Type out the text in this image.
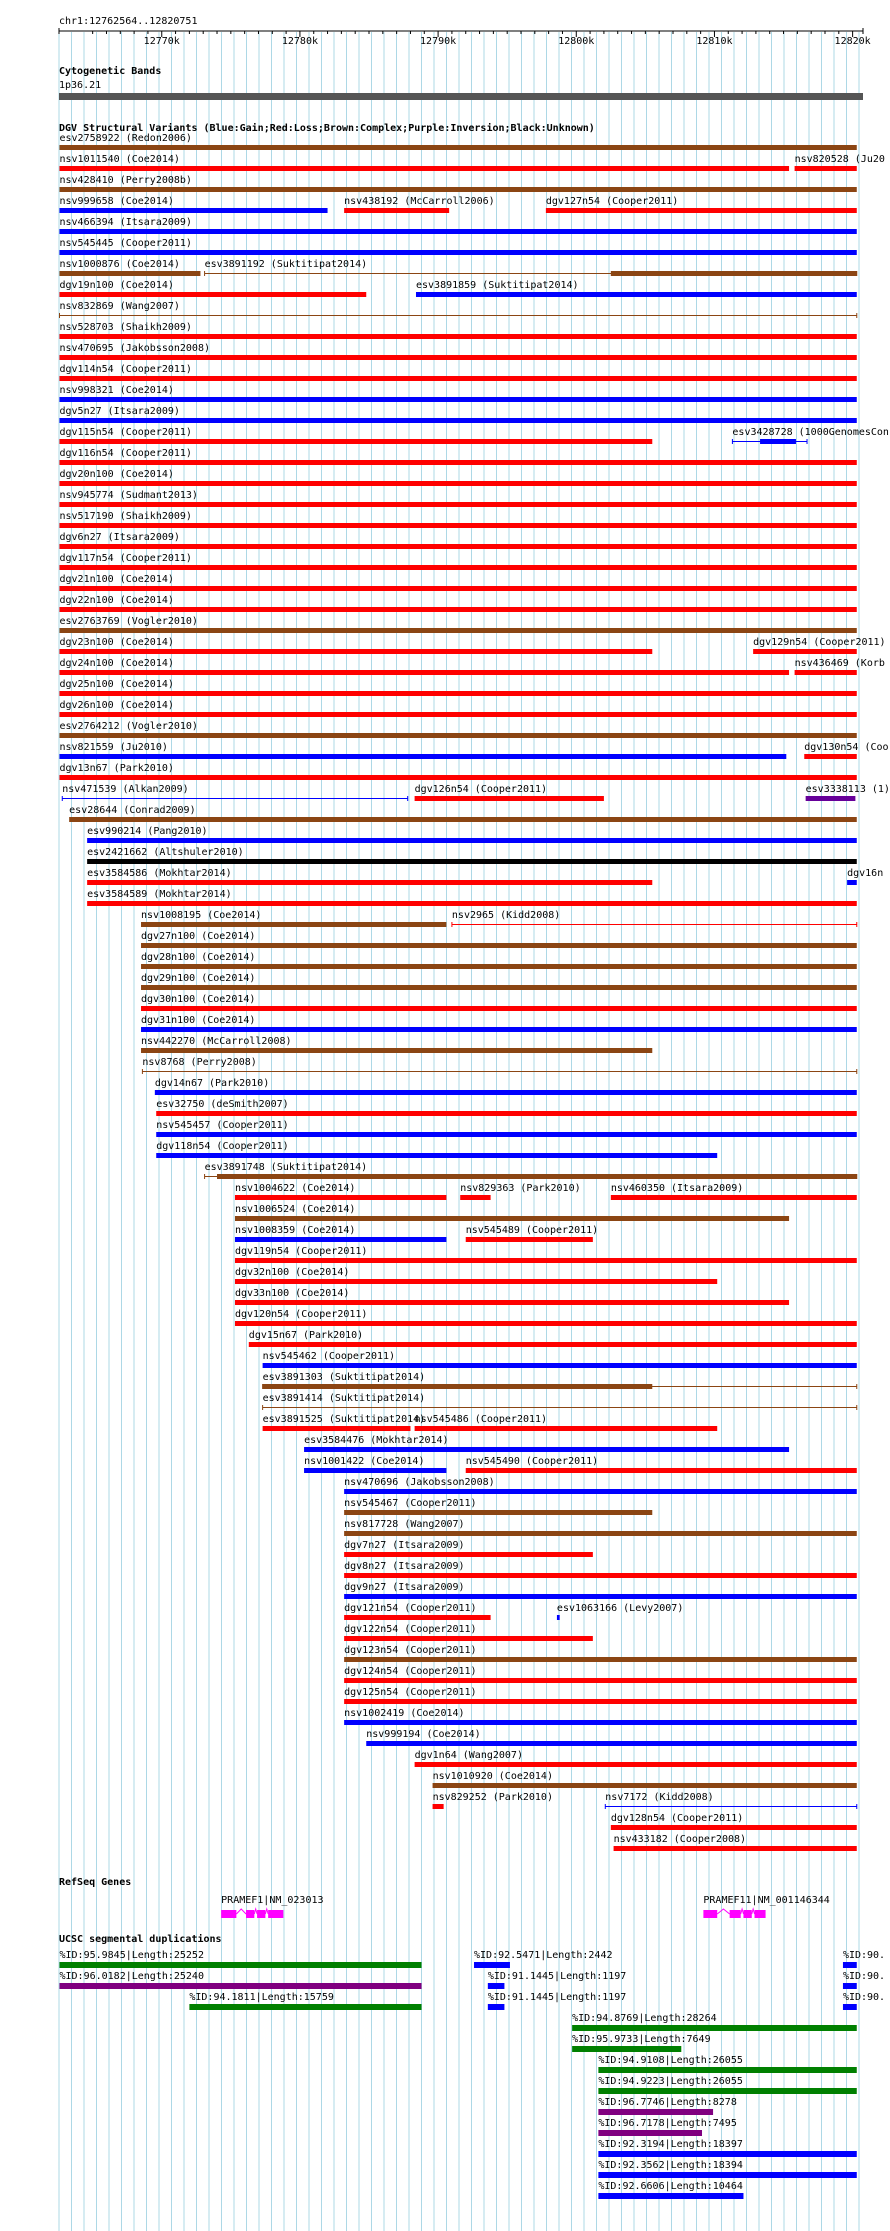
chr1:12762564..12820751
12770k	12780k	12790k	12800k	12810k	12820k
Cytogenetic Bands
1p36.21
DGV Structural Variants (Blue:Gain;Red:Loss;Brown:Complex;Purple:Inversion;Black:Unknown)
esv2758922 (Redon2006)
nsv1011540 (Coe2014)	nsv820528 (Ju20
nsv428410 (Perry2008b)
nsv999658 (Coe2014)	nsv438192 (McCarroll2006)	dgv127n54 (Cooper2011)
nsv466394 (Itsara2009)
nsv545445 (Cooper2011)
nsv1000876 (Coe2014) esv3891192 (Suktitipat2014)
dgv19n100 (Coe2014)	esv3891859 (Suktitipat2014)
nsv832869 (Wang2007)
nsv528703 (Shaikh2009)
nsv470695 (Jakobsson2008)
dgv114n54 (Cooper2011)
nsv998321 (Coe2014)
dgv5n27 (Itsara2009)
dgv115n54 (Cooper2011)	esv3428728 (1000GenomesCon
dgv116n54 (Cooper2011)
dgv20n100 (Coe2014)
nsv945774 (Sudmant2013)
nsv517190 (Shaikh2009)
dgv6n27 (Itsara2009)
dgv117n54 (Cooper2011)
dgv21n100 (Coe2014)
dgv22n100 (Coe2014)
esv2763769 (Vogler2010)
dgv23n100 (Coe2014)	dgv129n54 (Cooper2011)
dgv24n100 (Coe2014)	nsv436469 (Korb
dgv25n100 (Coe2014)
dgv26n100 (Coe2014)
esv2764212 (Vogler2010)
nsv821559 (Ju2010)	dgv130n54 (Coo
dgv13n67 (Park2010)
nsv471539 (Alkan2009)	dgv126n54 (Cooper2011)	esv3338113 (1)
esv28644 (Conrad2009)
esv990214 (Pang2010)
esv2421662 (Altshuler2010)
esv3584586 (Mokhtar2014)	dgv16n
esv3584589 (Mokhtar2014)
nsv1008195 (Coe2014)	nsv2965 (Kidd2008)
dgv27n100 (Coe2014)
dgv28n100 (Coe2014)
dgv29n100 (Coe2014)
dgv30n100 (Coe2014)
dgv31n100 (Coe2014)
nsv442270 (McCarroll2008)
nsv8768 (Perry2008)
dgv14n67 (Park2010)
esv32750 (deSmith2007)
nsv545457 (Cooper2011)
dgv118n54 (Cooper2011)
esv3891748 (Suktitipat2014)
nsv1004622 (Coe2014)	nsv829363 (Park2010)	nsv460350 (Itsara2009)
nsv1006524 (Coe2014)
nsv1008359 (Coe2014)	nsv545489 (Cooper2011)
dgv119n54 (Cooper2011)
dgv32n100 (Coe2014)
dgv33n100 (Coe2014)
dgv120n54 (Cooper2011)
dgv15n67 (Park2010)
nsv545462 (Cooper2011)
esv3891303 (Suktitipat2014)
esv3891414 (Suktitipat2014)
esv3891525 (Suktitipat2014)
nsv545486 (Cooper2011)
esv3584476 (Mokhtar2014)
nsv1001422 (Coe2014)	nsv545490 (Cooper2011)
nsv470696 (Jakobsson2008)
nsv545467 (Cooper2011)
nsv817728 (Wang2007)
dgv7n27 (Itsara2009)
dgv8n27 (Itsara2009)
dgv9n27 (Itsara2009)
dgv121n54 (Cooper2011)	esv1063166 (Levy2007)
dgv122n54 (Cooper2011)
dgv123n54 (Cooper2011)
dgv124n54 (Cooper2011)
dgv125n54 (Cooper2011)
nsv1002419 (Coe2014)
nsv999194 (Coe2014)
dgv1n64 (Wang2007)
nsv1010920 (Coe2014)
nsv829252 (Park2010)	nsv7172 (Kidd2008)
dgv128n54 (Cooper2011)
nsv433182 (Cooper2008)
RefSeq Genes
PRAMEF1|NM_023013	PRAMEF11|NM_001146344
UCSC segmental duplications
%ID:95.9845|Length:25252	%ID:92.5471|Length:2442	%ID:90.
%ID:96.0182|Length:25240	%ID:91.1445|Length:1197	%ID:90.
%ID:94.1811|Length:15759	%ID:91.1445|Length:1197	%ID:90.
%ID:94.8769|Length:28264
%ID:95.9733|Length:7649
%ID:94.9108|Length:26055
%ID:94.9223|Length:26055
%ID:96.7746|Length:8278
%ID:96.7178|Length:7495
%ID:92.3194|Length:18397
%ID:92.3562|Length:18394
%ID:92.6606|Length:10464
